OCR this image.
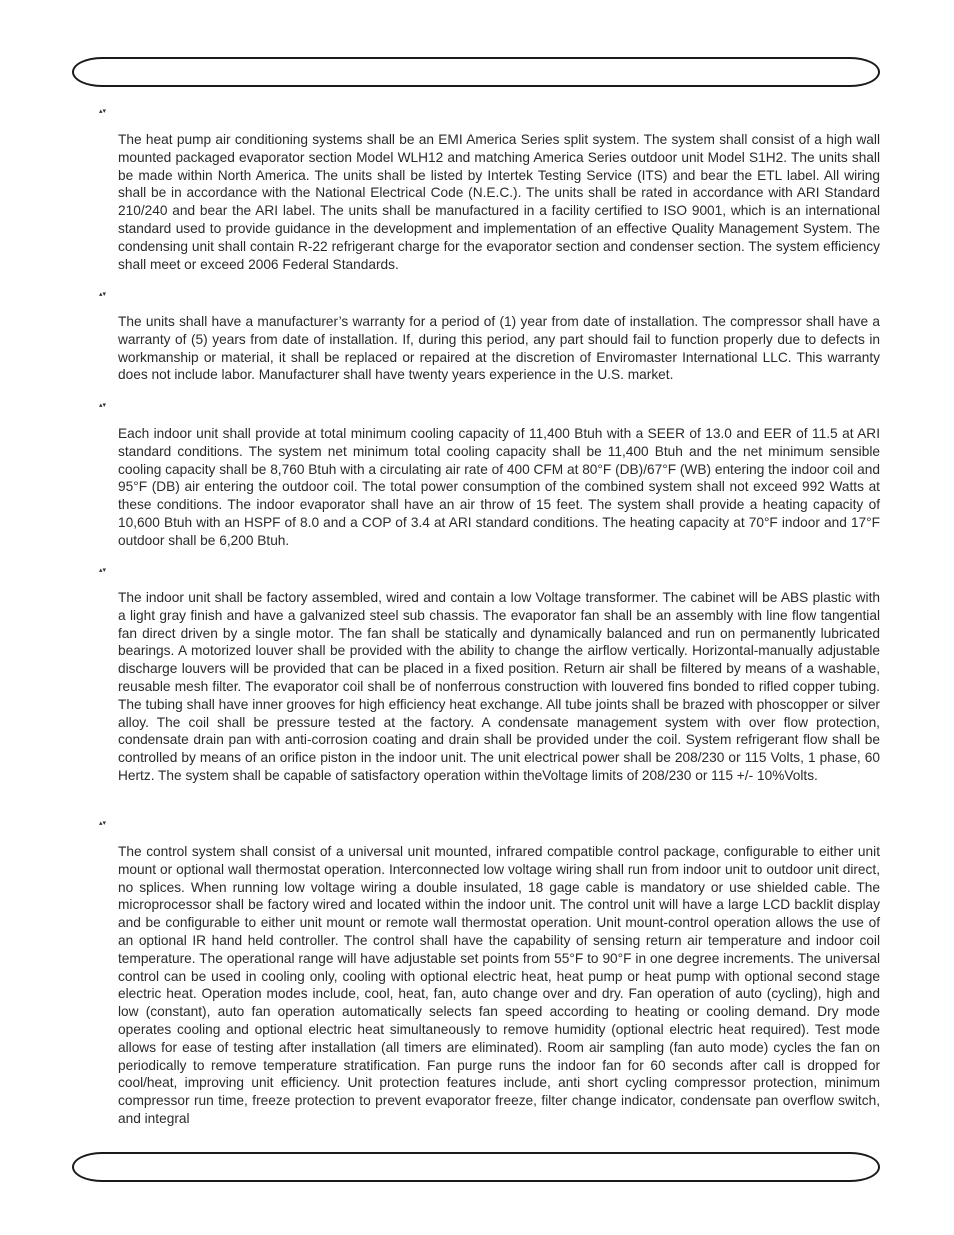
▴▾

The heat pump air conditioning systems shall be an EMI America Series split system. The system shall consist of a high wall mounted packaged evaporator section Model WLH12 and matching America Series outdoor unit Model S1H2. The units shall be made within North America. The units shall be listed by Intertek Testing Service (ITS) and bear the ETL label. All wiring shall be in accordance with the National Electrical Code (N.E.C.). The units shall be rated in accordance with ARI Standard 210/240 and bear the ARI label. The units shall be manufactured in a facility certified to ISO 9001, which is an international standard used to provide guidance in the development and implementation of an effective Quality Management System. The condensing unit shall contain R-22 refrigerant charge for the evaporator section and condenser section. The system efficiency shall meet or exceed 2006 Federal Standards.

▴▾

The units shall have a manufacturer’s warranty for a period of (1) year from date of installation. The compressor shall have a warranty of (5) years from date of installation. If, during this period, any part should fail to function properly due to defects in workmanship or material, it shall be replaced or repaired at the discretion of Enviromaster International LLC. This warranty does not include labor. Manufacturer shall have twenty years experience in the U.S. market.

▴▾

Each indoor unit shall provide at total minimum cooling capacity of 11,400 Btuh with a SEER of 13.0 and EER of 11.5 at ARI standard conditions. The system net minimum total cooling capacity shall be 11,400 Btuh and the net minimum sensible cooling capacity shall be 8,760 Btuh with a circulating air rate of 400 CFM at 80°F (DB)/67°F (WB) entering the indoor coil and 95°F (DB) air entering the outdoor coil. The total power consumption of the combined system shall not exceed 992 Watts at these conditions. The indoor evaporator shall have an air throw of 15 feet. The system shall provide a heating capacity of 10,600 Btuh with an HSPF of 8.0 and a COP of 3.4 at ARI standard conditions. The heating capacity at 70°F indoor and 17°F outdoor shall be 6,200 Btuh.

▴▾

The indoor unit shall be factory assembled, wired and contain a low Voltage transformer. The cabinet will be ABS plastic with a light gray finish and have a galvanized steel sub chassis. The evaporator fan shall be an assembly with line flow tangential fan direct driven by a single motor. The fan shall be statically and dynamically balanced and run on permanently lubricated bearings. A motorized louver shall be provided with the ability to change the airflow vertically. Horizontal-manually adjustable discharge louvers will be provided that can be placed in a fixed position. Return air shall be filtered by means of a washable, reusable mesh filter. The evaporator coil shall be of nonferrous construction with louvered fins bonded to rifled copper tubing. The tubing shall have inner grooves for high efficiency heat exchange. All tube joints shall be brazed with phoscopper or silver alloy. The coil shall be pressure tested at the factory. A condensate management system with over flow protection, condensate drain pan with anti-corrosion coating and drain shall be provided under the coil. System refrigerant flow shall be controlled by means of an orifice piston in the indoor unit. The unit electrical power shall be 208/230 or 115 Volts, 1 phase, 60 Hertz. The system shall be capable of satisfactory operation within theVoltage limits of 208/230 or 115 +/- 10%Volts.

▴▾

The control system shall consist of a universal unit mounted, infrared compatible control package, configurable to either unit mount or optional wall thermostat operation. Interconnected low voltage wiring shall run from indoor unit to outdoor unit direct, no splices. When running low voltage wiring a double insulated, 18 gage cable is mandatory or use shielded cable. The microprocessor shall be factory wired and located within the indoor unit. The control unit will have a large LCD backlit display and be configurable to either unit mount or remote wall thermostat operation. Unit mount-control operation allows the use of an optional IR hand held controller. The control shall have the capability of sensing return air temperature and indoor coil temperature. The operational range will have adjustable set points from 55°F to 90°F in one degree increments. The universal control can be used in cooling only, cooling with optional electric heat, heat pump or heat pump with optional second stage electric heat. Operation modes include, cool, heat, fan, auto change over and dry. Fan operation of auto (cycling), high and low (constant), auto fan operation automatically selects fan speed according to heating or cooling demand. Dry mode operates cooling and optional electric heat simultaneously to remove humidity (optional electric heat required). Test mode allows for ease of testing after installation (all timers are eliminated). Room air sampling (fan auto mode) cycles the fan on periodically to remove temperature stratification. Fan purge runs the indoor fan for 60 seconds after call is dropped for cool/heat, improving unit efficiency. Unit protection features include, anti short cycling compressor protection, minimum compressor run time, freeze protection to prevent evaporator freeze, filter change indicator, condensate pan overflow switch, and integral
